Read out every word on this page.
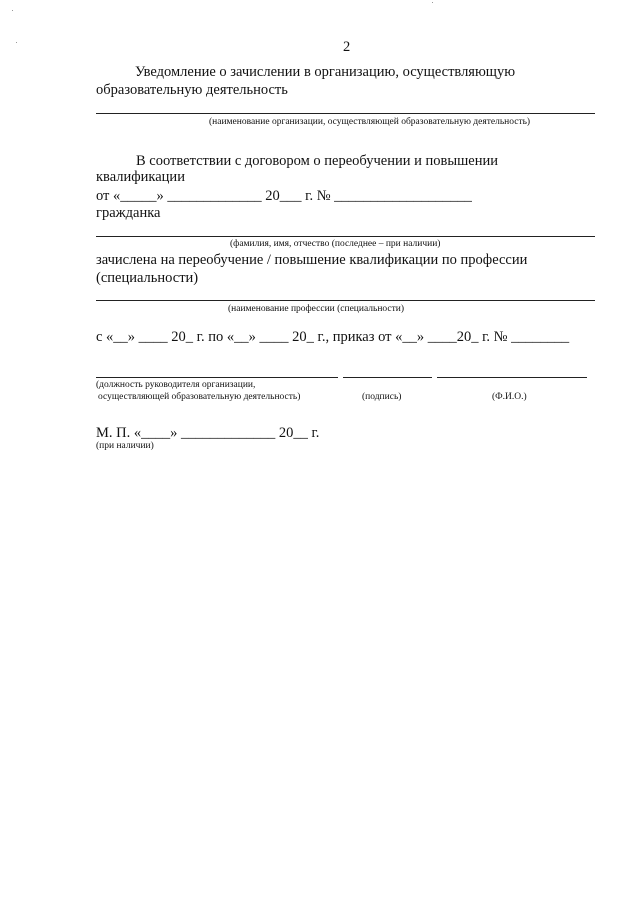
2
Уведомление о зачислении в организацию, осуществляющую
образовательную деятельность
(наименование организации, осуществляющей образовательную деятельность)
В соответствии с договором о переобучении и повышении
квалификации
от «_____» _____________ 20___ г. № ___________________
гражданка
(фамилия, имя, отчество (последнее – при наличии)
зачислена на переобучение / повышение квалификации по профессии
(специальности)
(наименование профессии (специальности)
с «__» ____ 20_ г. по «__» ____ 20_ г., приказ от «__» ____20_ г. № ________
(должность руководителя организации,
осуществляющей образовательную деятельность)	(подпись)	(Ф.И.О.)
М. П. «____» _____________ 20__ г.
(при наличии)
